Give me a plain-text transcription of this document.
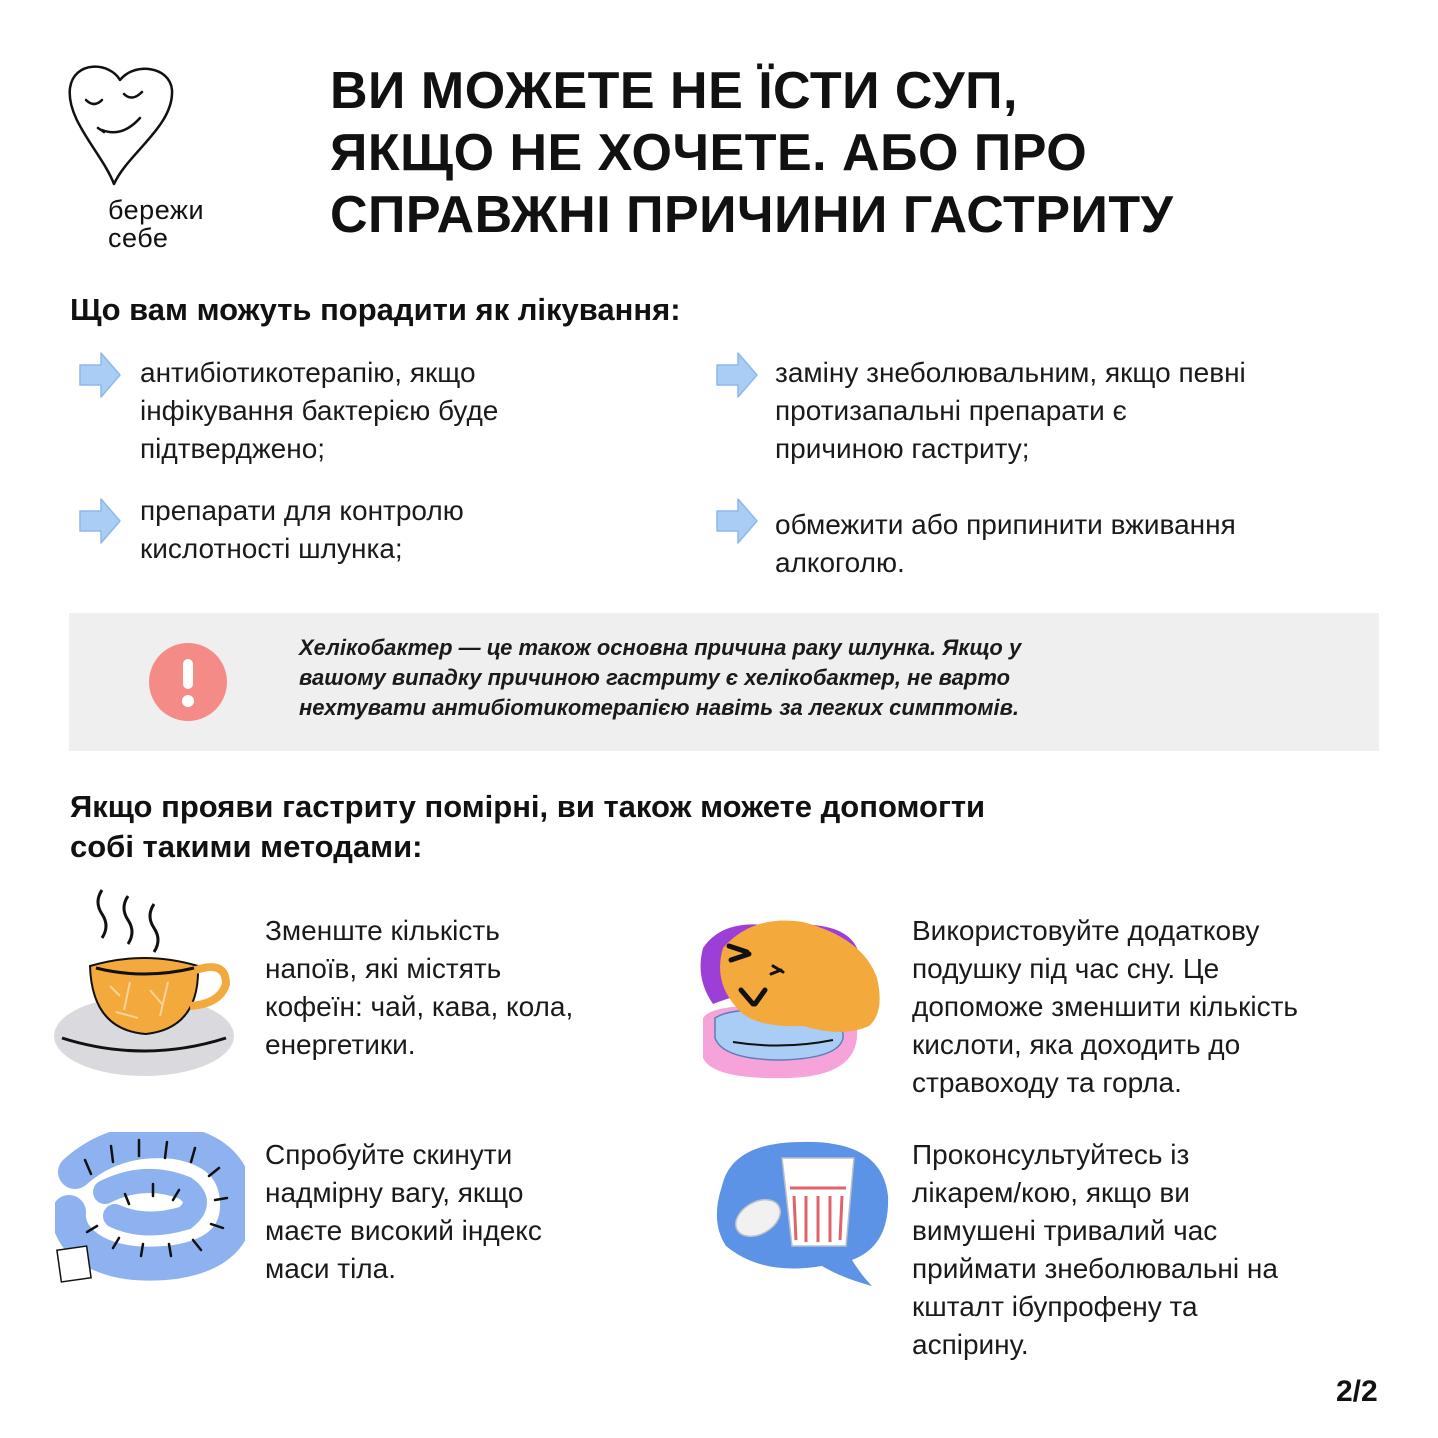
бережи
себе
ВИ МОЖЕТЕ НЕ ЇСТИ СУП,
ЯКЩО НЕ ХОЧЕТЕ. АБО ПРО
СПРАВЖНІ ПРИЧИНИ ГАСТРИТУ
Що вам можуть порадити як лікування:
антибіотикотерапію, якщо
інфікування бактерією буде
підтверджено;
заміну знеболювальним, якщо певні
протизапальні препарати є
причиною гастриту;
препарати для контролю
кислотності шлунка;
обмежити або припинити вживання
алкоголю.
Хелікобактер — це також основна причина раку шлунка. Якщо у
вашому випадку причиною гастриту є хелікобактер, не варто
нехтувати антибіотикотерапією навіть за легких симптомів.
Якщо прояви гастриту помірні, ви також можете допомогти
собі такими методами:
Зменште кількість
напоїв, які містять
кофеїн: чай, кава, кола,
енергетики.
Використовуйте додаткову
подушку під час сну. Це
допоможе зменшити кількість
кислоти, яка доходить до
стравоходу та горла.
Спробуйте скинути
надмірну вагу, якщо
маєте високий індекс
маси тіла.
Проконсультуйтесь із
лікарем/кою, якщо ви
вимушені тривалий час
приймати знеболювальні на
кшталт ібупрофену та
аспірину.
2/2
